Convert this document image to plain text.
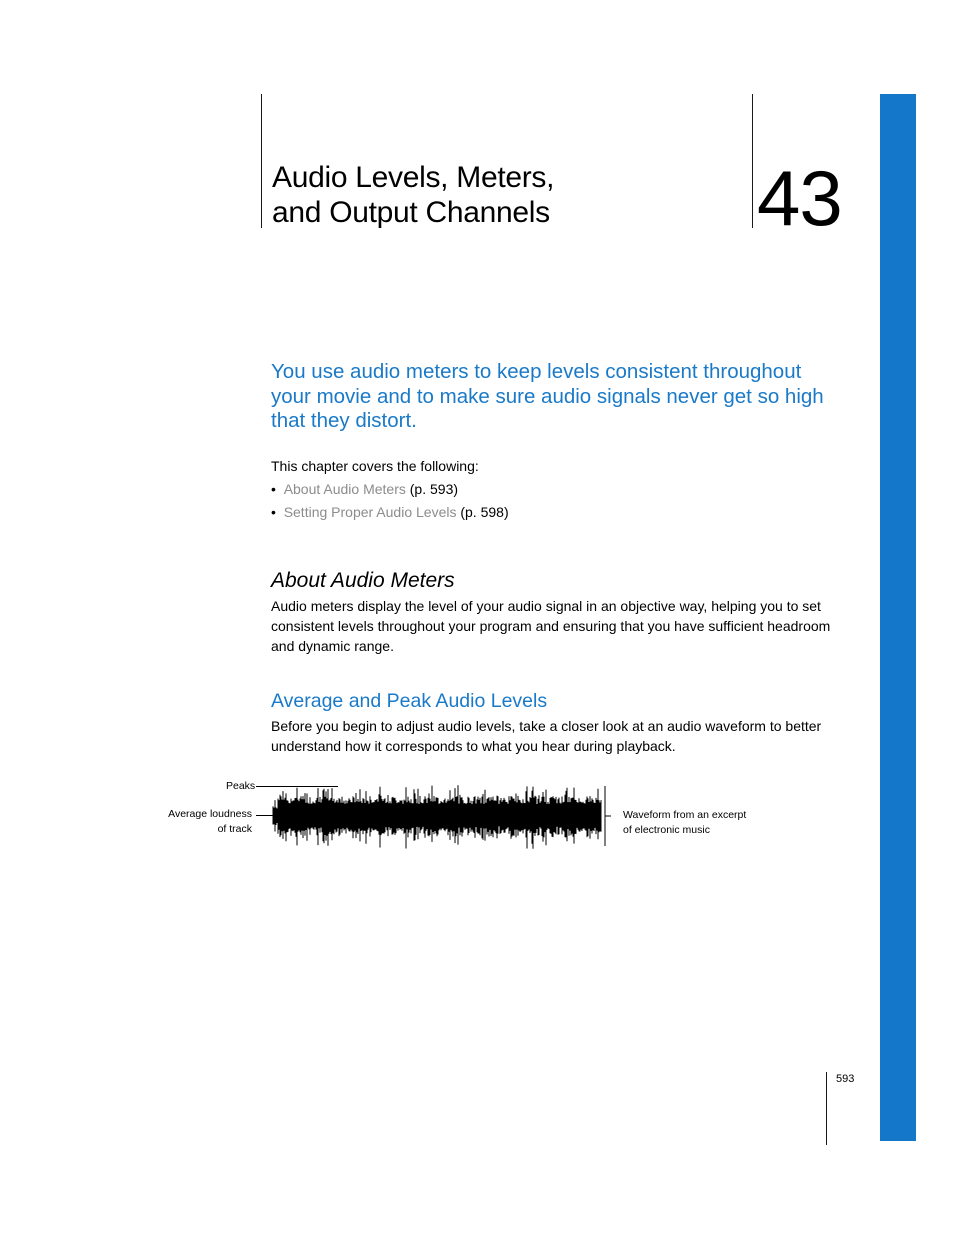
Audio Levels, Meters,
and Output Channels	43
You use audio meters to keep levels consistent throughout your movie and to make sure audio signals never get so high that they distort.
This chapter covers the following:
• About Audio Meters (p. 593)
• Setting Proper Audio Levels (p. 598)
About Audio Meters
Audio meters display the level of your audio signal in an objective way, helping you to set consistent levels throughout your program and ensuring that you have sufficient headroom and dynamic range.
Average and Peak Audio Levels
Before you begin to adjust audio levels, take a closer look at an audio waveform to better understand how it corresponds to what you hear during playback.
Peaks
Average loudness
of track
Waveform from an excerpt
of electronic music
593
